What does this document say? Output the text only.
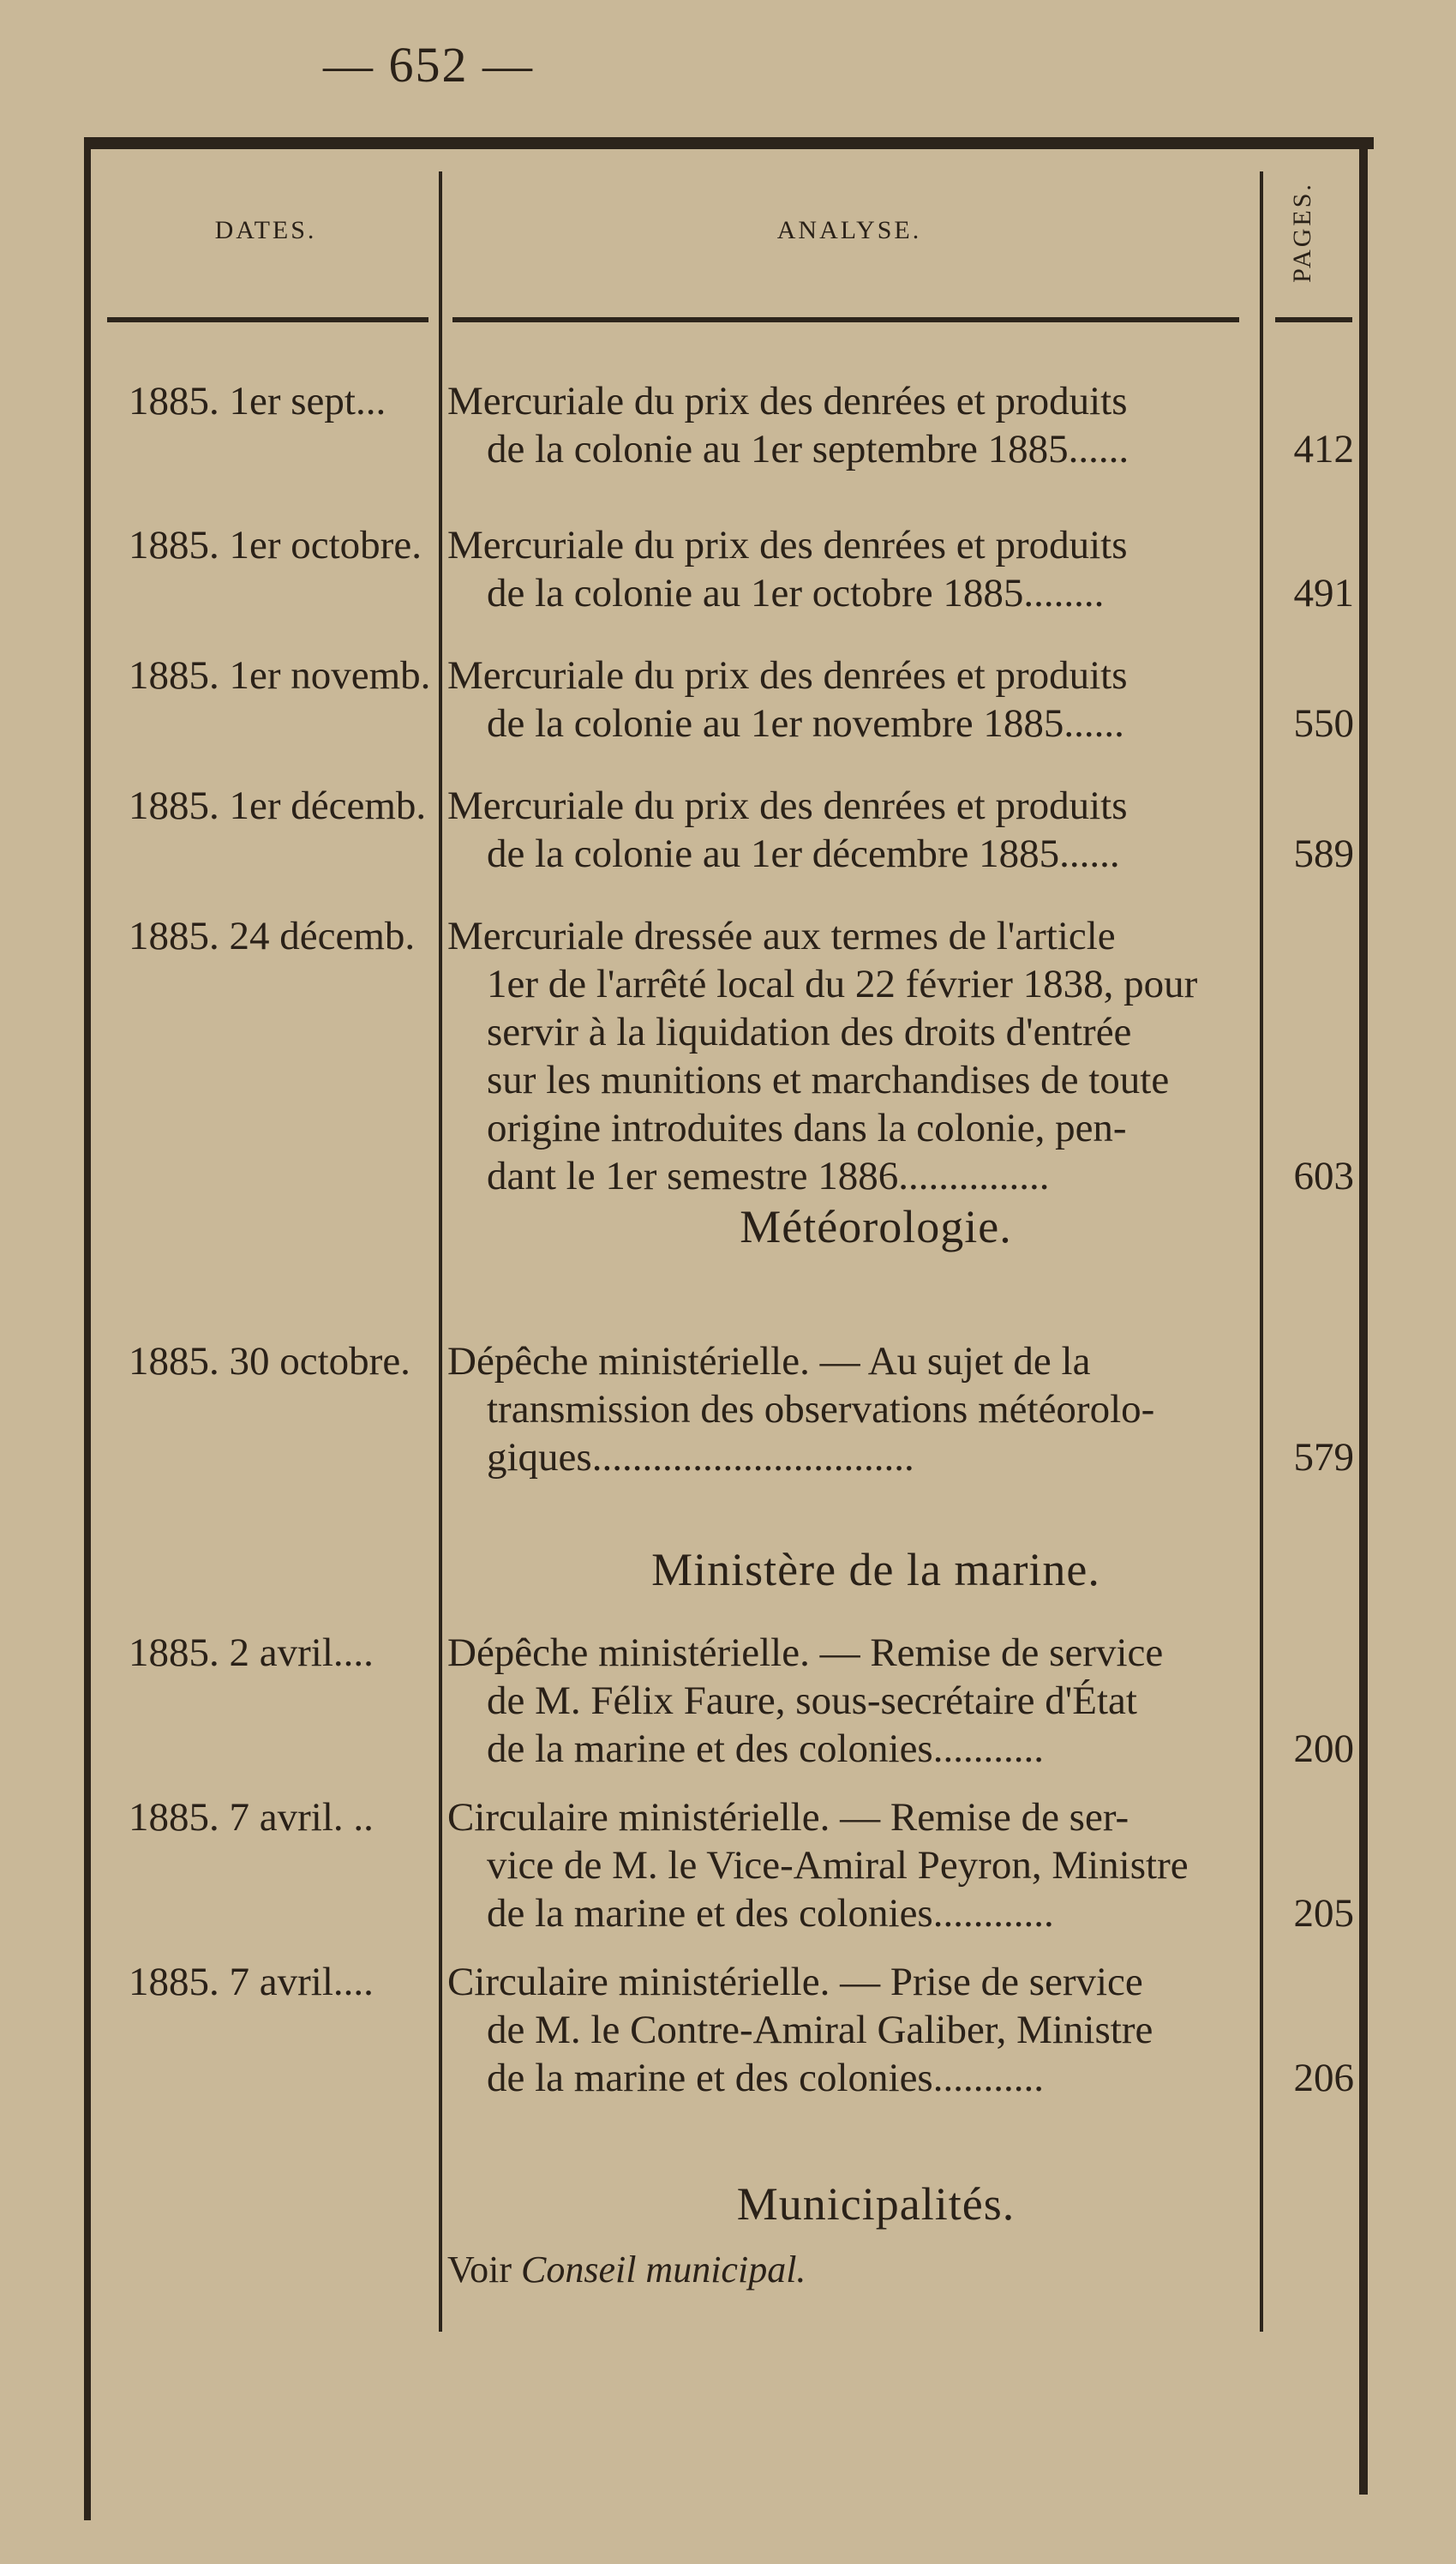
— 652 —
DATES.	ANALYSE.	PAGES.
1885. 1er sept...	Mercuriale du prix des denrées et produits
de la colonie au 1er septembre 1885......	412
1885. 1er octobre. Mercuriale du prix des denrées et produits
de la colonie au 1er octobre 1885........	491
1885. 1er novemb. Mercuriale du prix des denrées et produits
de la colonie au 1er novembre 1885......	550
1885. 1er décemb. Mercuriale du prix des denrées et produits
de la colonie au 1er décembre 1885......	589
1885. 24 décemb. Mercuriale dressée aux termes de l'article
1er de l'arrêté local du 22 février 1838, pour
servir à la liquidation des droits d'entrée
sur les munitions et marchandises de toute
origine introduites dans la colonie, pen-
dant le 1er semestre 1886...............	603
Météorologie.
1885. 30 octobre. Dépêche ministérielle. — Au sujet de la
transmission des observations météorolo-
giques................................	579
Ministère de la marine.
1885. 2 avril....	Dépêche ministérielle. — Remise de service
de M. Félix Faure, sous-secrétaire d'État
de la marine et des colonies...........	200
1885. 7 avril. ..	Circulaire ministérielle. — Remise de ser-
vice de M. le Vice-Amiral Peyron, Ministre
de la marine et des colonies............	205
1885. 7 avril....	Circulaire ministérielle. — Prise de service
de M. le Contre-Amiral Galiber, Ministre
de la marine et des colonies...........	206
Municipalités.
Voir Conseil municipal.
